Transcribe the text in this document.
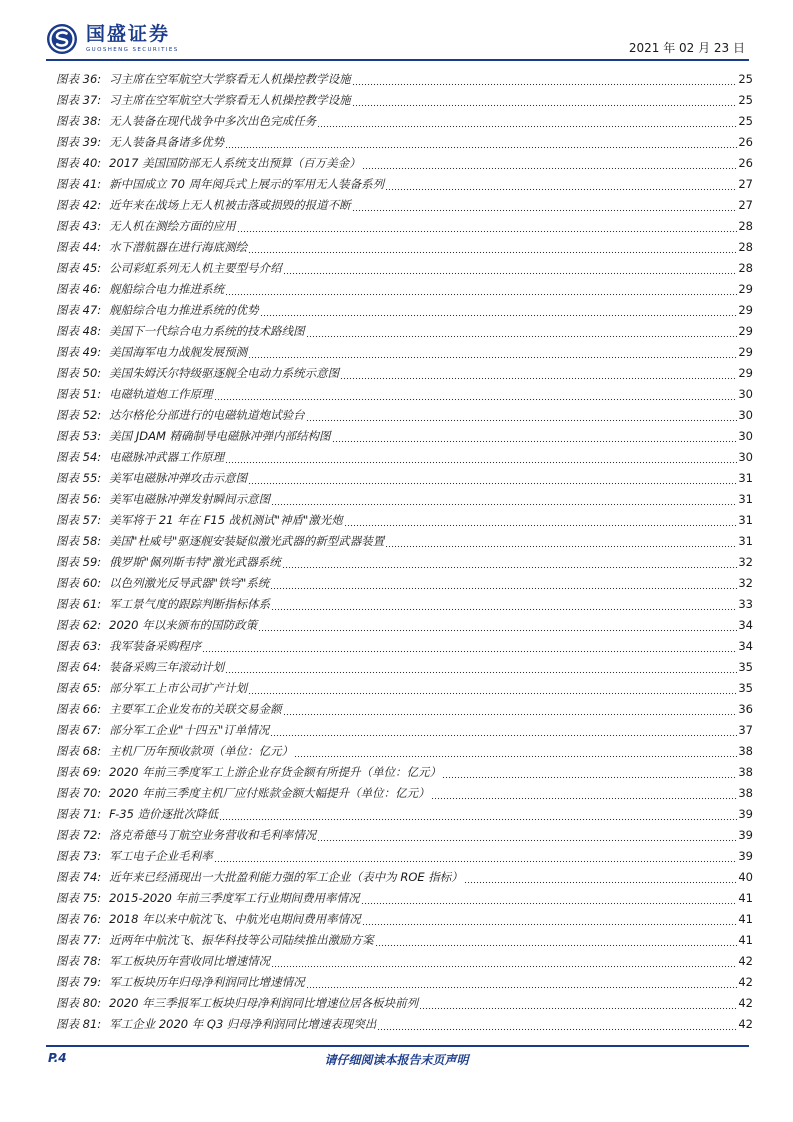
国盛证券
GUOSHENG SECURITIES	2021 年 02 月 23 日
图表 36: 习主席在空军航空大学察看无人机操控教学设施	25
图表 37: 习主席在空军航空大学察看无人机操控教学设施	25
图表 38: 无人装备在现代战争中多次出色完成任务	25
图表 39: 无人装备具备诸多优势	26
图表 40: 2017 美国国防部无人系统支出预算（百万美金）	26
图表 41: 新中国成立 70 周年阅兵式上展示的军用无人装备系列	27
图表 42: 近年来在战场上无人机被击落或损毁的报道不断	27
图表 43: 无人机在测绘方面的应用	28
图表 44: 水下潜航器在进行海底测绘	28
图表 45: 公司彩虹系列无人机主要型号介绍	28
图表 46: 舰船综合电力推进系统	29
图表 47: 舰船综合电力推进系统的优势	29
图表 48: 美国下一代综合电力系统的技术路线图	29
图表 49: 美国海军电力战舰发展预测	29
图表 50: 美国朱姆沃尔特级驱逐舰全电动力系统示意图	29
图表 51: 电磁轨道炮工作原理	30
图表 52: 达尔格伦分部进行的电磁轨道炮试验台	30
图表 53: 美国 JDAM 精确制导电磁脉冲弹内部结构图	30
图表 54: 电磁脉冲武器工作原理	30
图表 55: 美军电磁脉冲弹攻击示意图	31
图表 56: 美军电磁脉冲弹发射瞬间示意图	31
图表 57: 美军将于 21 年在 F15 战机测试"神盾"激光炮	31
图表 58: 美国"杜威号"驱逐舰安装疑似激光武器的新型武器装置	31
图表 59: 俄罗斯"佩列斯韦特"激光武器系统	32
图表 60: 以色列激光反导武器"铁穹"系统	32
图表 61: 军工景气度的跟踪判断指标体系	33
图表 62: 2020 年以来颁布的国防政策	34
图表 63: 我军装备采购程序	34
图表 64: 装备采购三年滚动计划	35
图表 65: 部分军工上市公司扩产计划	35
图表 66: 主要军工企业发布的关联交易金额	36
图表 67: 部分军工企业"十四五"订单情况	37
图表 68: 主机厂历年预收款项（单位：亿元）	38
图表 69: 2020 年前三季度军工上游企业存货金额有所提升（单位：亿元）	38
图表 70: 2020 年前三季度主机厂应付账款金额大幅提升（单位：亿元）	38
图表 71: F-35 造价逐批次降低	39
图表 72: 洛克希德马丁航空业务营收和毛利率情况	39
图表 73: 军工电子企业毛利率	39
图表 74: 近年来已经涌现出一大批盈利能力强的军工企业（表中为 ROE 指标）	40
图表 75: 2015-2020 年前三季度军工行业期间费用率情况	41
图表 76: 2018 年以来中航沈飞、中航光电期间费用率情况	41
图表 77: 近两年中航沈飞、振华科技等公司陆续推出激励方案	41
图表 78: 军工板块历年营收同比增速情况	42
图表 79: 军工板块历年归母净利润同比增速情况	42
图表 80: 2020 年三季报军工板块归母净利润同比增速位居各板块前列	42
图表 81: 军工企业 2020 年 Q3 归母净利润同比增速表现突出	42
P.4	请仔细阅读本报告末页声明
